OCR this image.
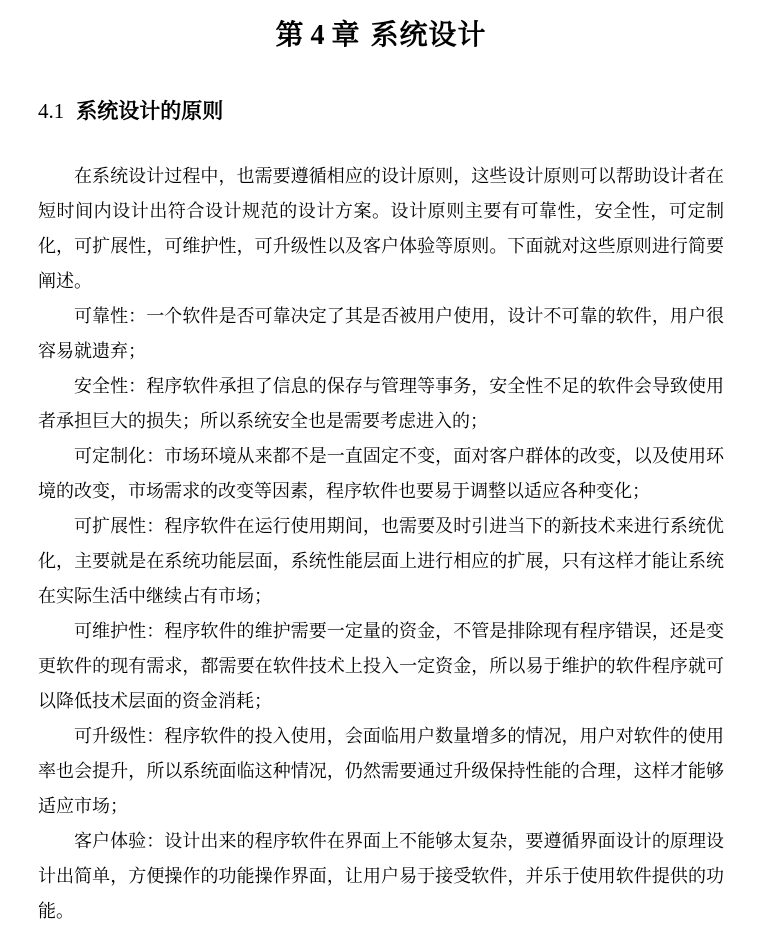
第 4 章 系统设计
4.1 系统设计的原则

在系统设计过程中，也需要遵循相应的设计原则，这些设计原则可以帮助设计者在短时间内设计出符合设计规范的设计方案。设计原则主要有可靠性，安全性，可定制化，可扩展性，可维护性，可升级性以及客户体验等原则。下面就对这些原则进行简要阐述。

可靠性：一个软件是否可靠决定了其是否被用户使用，设计不可靠的软件，用户很容易就遗弃；

安全性：程序软件承担了信息的保存与管理等事务，安全性不足的软件会导致使用者承担巨大的损失；所以系统安全也是需要考虑进入的；

可定制化：市场环境从来都不是一直固定不变，面对客户群体的改变，以及使用环境的改变，市场需求的改变等因素，程序软件也要易于调整以适应各种变化；

可扩展性：程序软件在运行使用期间，也需要及时引进当下的新技术来进行系统优化，主要就是在系统功能层面，系统性能层面上进行相应的扩展，只有这样才能让系统在实际生活中继续占有市场；

可维护性：程序软件的维护需要一定量的资金，不管是排除现有程序错误，还是变更软件的现有需求，都需要在软件技术上投入一定资金，所以易于维护的软件程序就可以降低技术层面的资金消耗；

可升级性：程序软件的投入使用，会面临用户数量增多的情况，用户对软件的使用率也会提升，所以系统面临这种情况，仍然需要通过升级保持性能的合理，这样才能够适应市场；

客户体验：设计出来的程序软件在界面上不能够太复杂，要遵循界面设计的原理设计出简单，方便操作的功能操作界面，让用户易于接受软件，并乐于使用软件提供的功能。
